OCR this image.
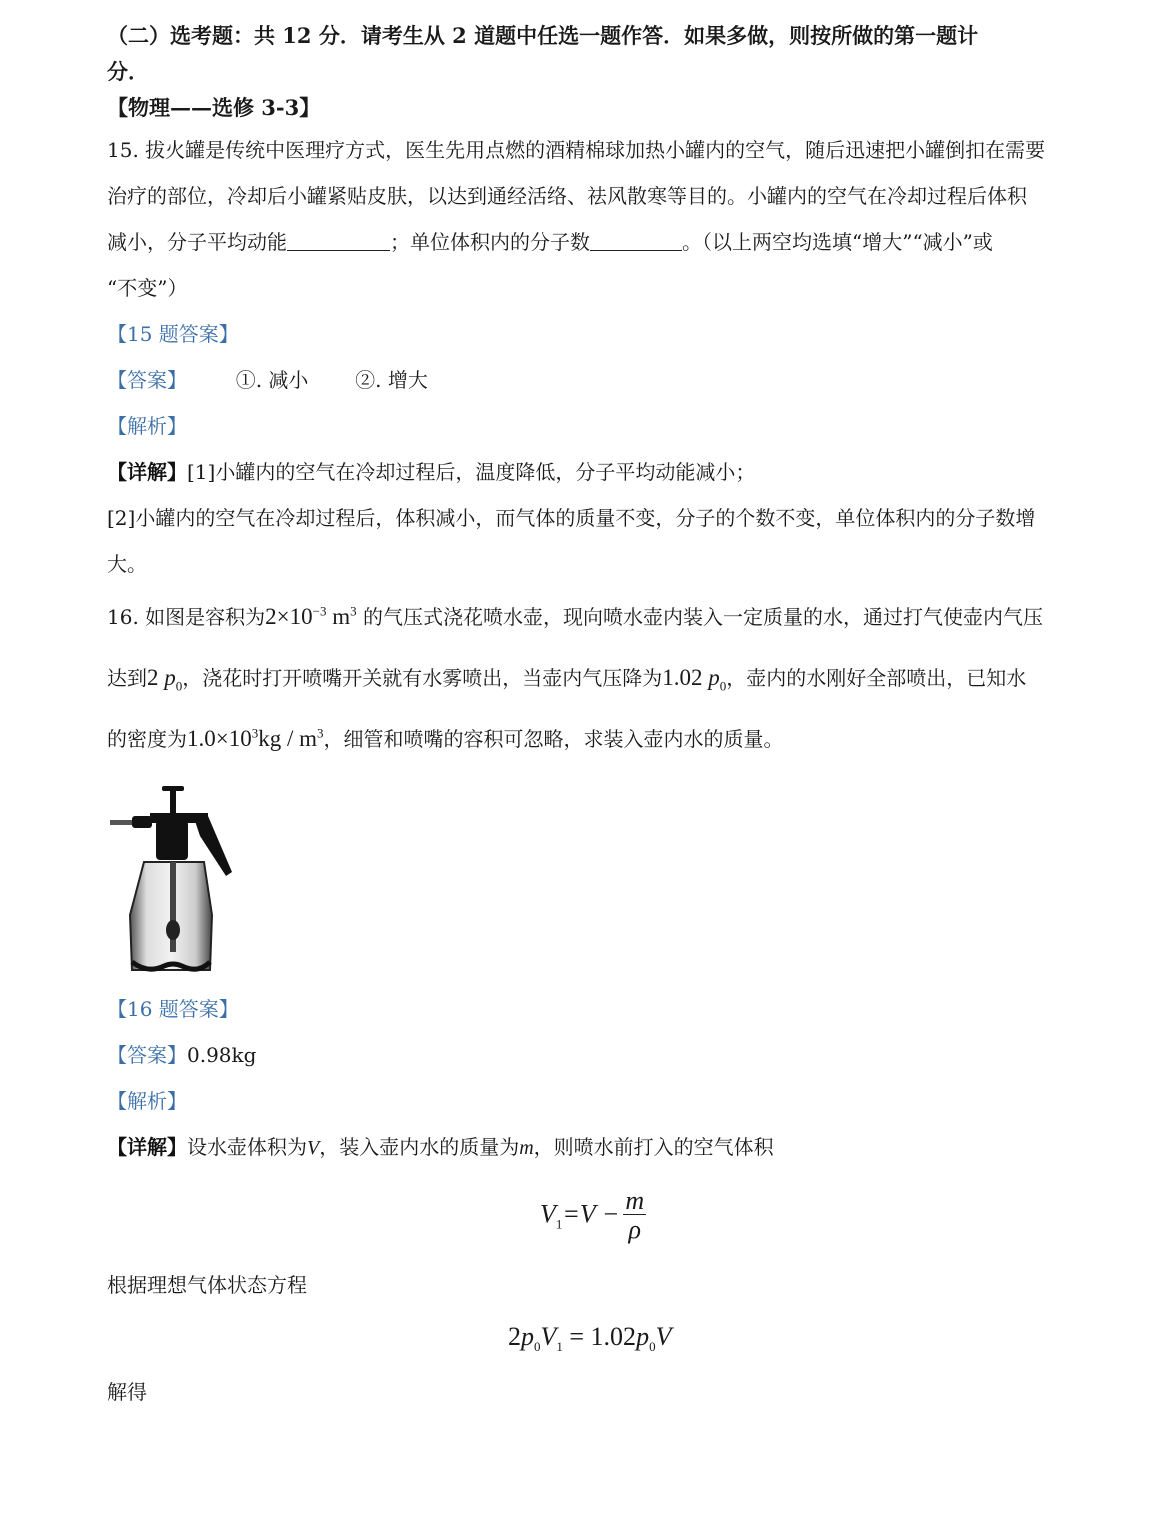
（二）选考题：共 12 分．请考生从 2 道题中任选一题作答．如果多做，则按所做的第一题计
分．
【物理——选修 3-3】
15. 拔火罐是传统中医理疗方式，医生先用点燃的酒精棉球加热小罐内的空气，随后迅速把小罐倒扣在需要
治疗的部位，冷却后小罐紧贴皮肤，以达到通经活络、祛风散寒等目的。小罐内的空气在冷却过程后体积
减小，分子平均动能	；单位体积内的分子数	。（以上两空均选填“增大”“减小”或
“不变”）
【15 题答案】
【答案】 ①. 减小 ②. 增大
【解析】
【详解】[1]小罐内的空气在冷却过程后，温度降低，分子平均动能减小；
[2]小罐内的空气在冷却过程后，体积减小，而气体的质量不变，分子的个数不变，单位体积内的分子数增
大。
16. 如图是容积为$2\times 10^{-3}$ $m^3$ 的气压式浇花喷水壶，现向喷水壶内装入一定质量的水，通过打气使壶内气压
达到2 $p_0$，浇花时打开喷嘴开关就有水雾喷出，当壶内气压降为1.02 $p_0$，壶内的水刚好全部喷出，已知水
的密度为$1.0\times 10^3kg / m^3$，细管和喷嘴的容积可忽略，求装入壶内水的质量。
【16 题答案】
【答案】0.98kg
【解析】
【详解】设水壶体积为V，装入壶内水的质量为m，则喷水前打入的空气体积
$V_1=V - \frac{m}{\rho}$
根据理想气体状态方程
$2p_0V_1 = 1.02p_0V$
解得
